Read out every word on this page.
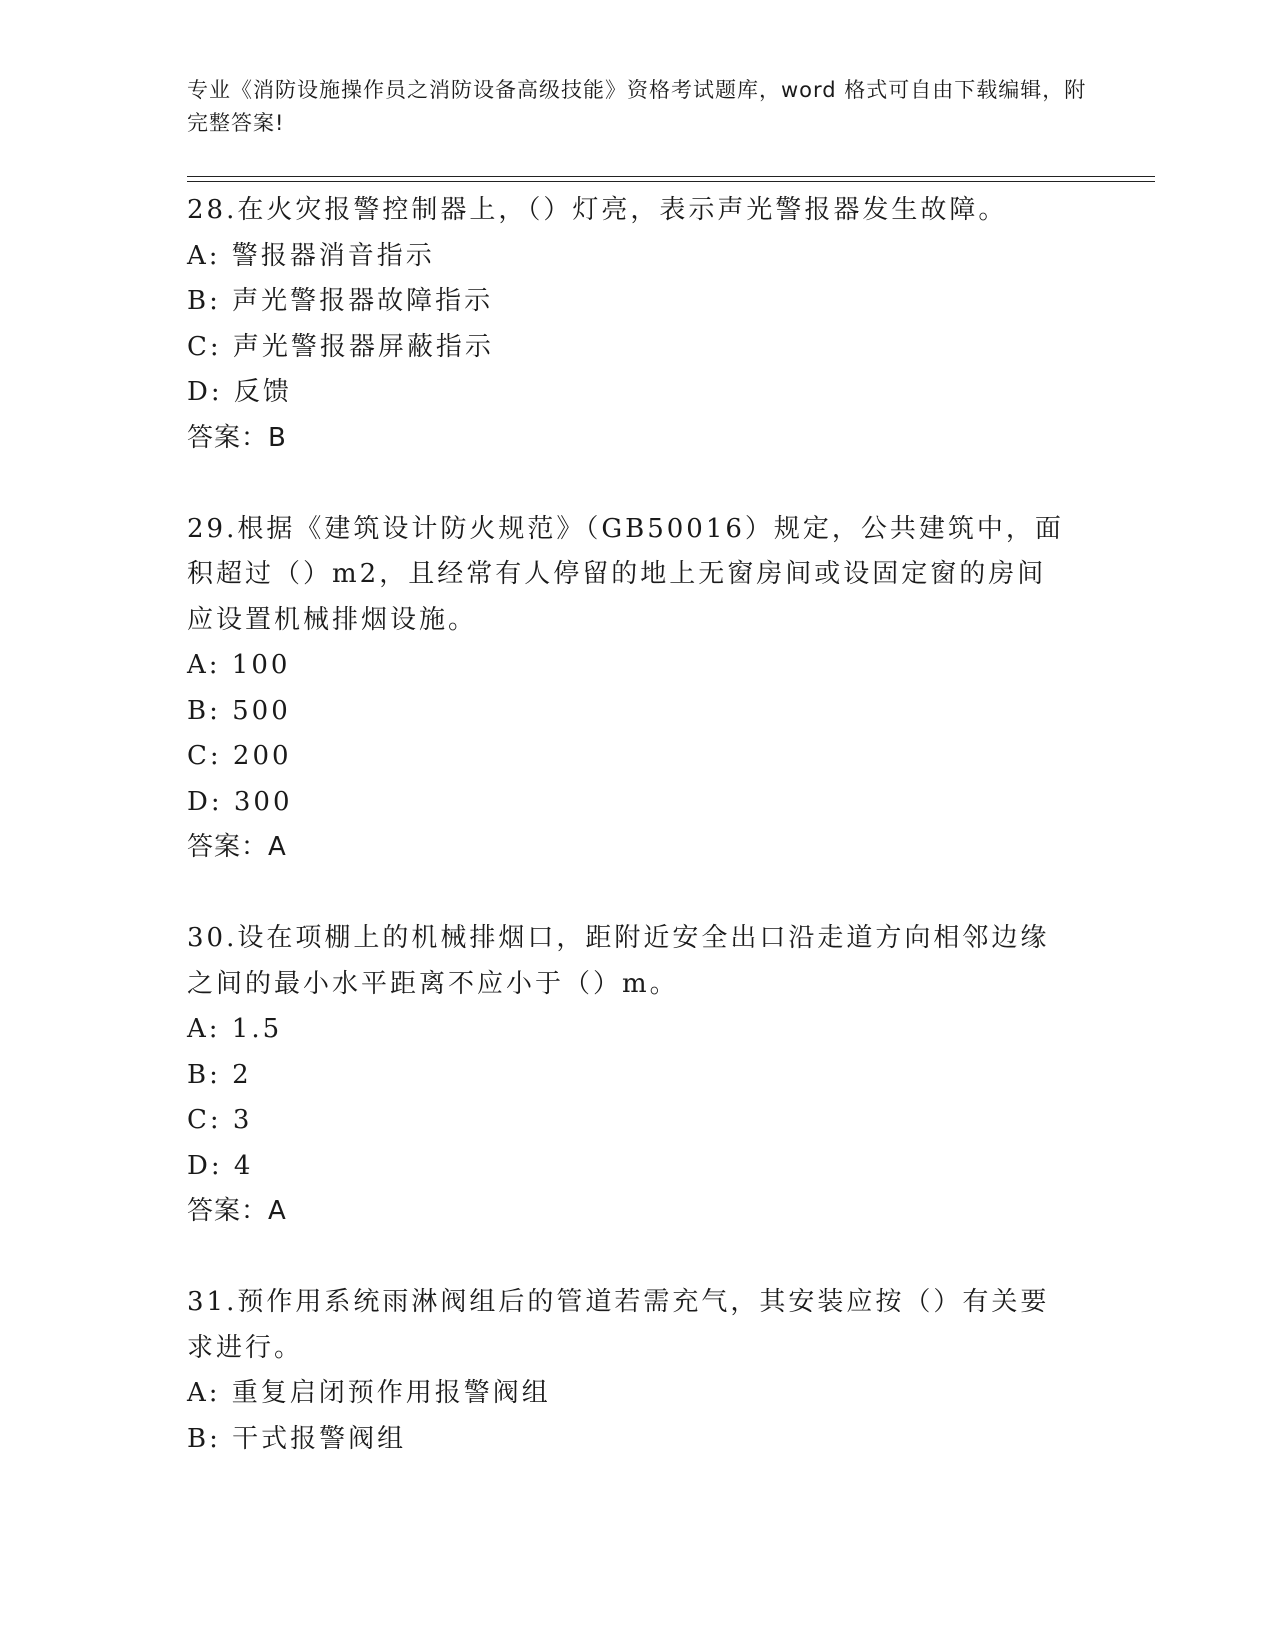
专业《消防设施操作员之消防设备高级技能》资格考试题库，word 格式可自由下载编辑，附完整答案!

28.在火灾报警控制器上，（）灯亮，表示声光警报器发生故障。

A: 警报器消音指示

B: 声光警报器故障指示

C: 声光警报器屏蔽指示

D: 反馈

答案：B

29.根据《建筑设计防火规范》（GB50016）规定，公共建筑中，面积超过（）m2，且经常有人停留的地上无窗房间或设固定窗的房间应设置机械排烟设施。

A: 100

B: 500

C: 200

D: 300

答案：A

30.设在项棚上的机械排烟口，距附近安全出口沿走道方向相邻边缘之间的最小水平距离不应小于（）m。

A: 1.5

B: 2

C: 3

D: 4

答案：A

31.预作用系统雨淋阀组后的管道若需充气，其安装应按（）有关要求进行。

A: 重复启闭预作用报警阀组

B: 干式报警阀组
